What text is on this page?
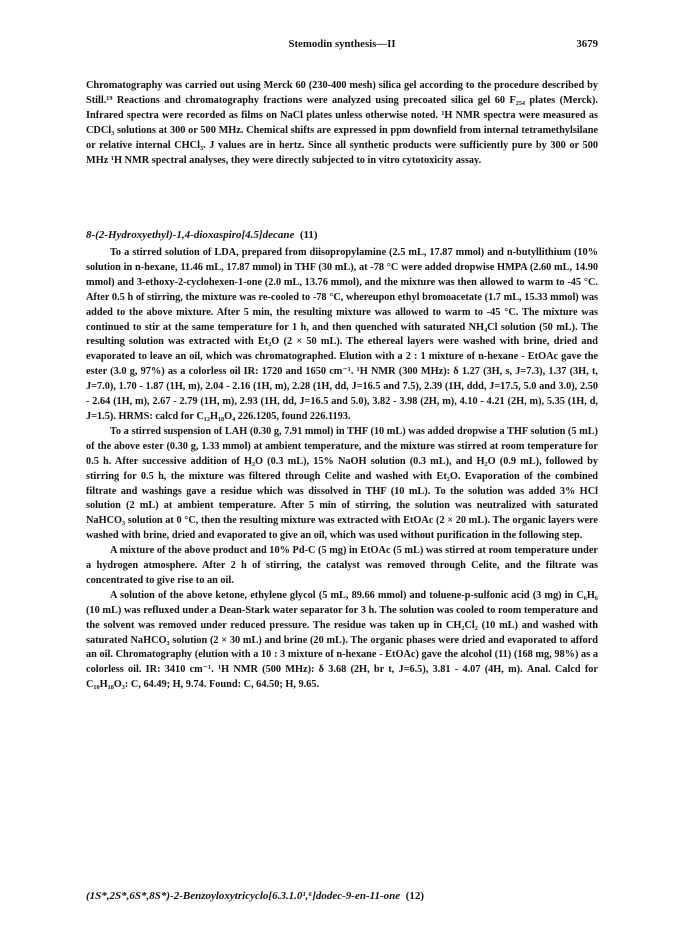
Stemodin synthesis—II	3679

Chromatography was carried out using Merck 60 (230-400 mesh) silica gel according to the procedure described by Still.¹⁹ Reactions and chromatography fractions were analyzed using precoated silica gel 60 F₂₅₄ plates (Merck). Infrared spectra were recorded as films on NaCl plates unless otherwise noted. ¹H NMR spectra were measured as CDCl₃ solutions at 300 or 500 MHz. Chemical shifts are expressed in ppm downfield from internal tetramethylsilane or relative internal CHCl₃. J values are in hertz. Since all synthetic products were sufficiently pure by 300 or 500 MHz ¹H NMR spectral analyses, they were directly subjected to in vitro cytotoxicity assay.

8-(2-Hydroxyethyl)-1,4-dioxaspiro[4.5]decane (11)

To a stirred solution of LDA, prepared from diisopropylamine (2.5 mL, 17.87 mmol) and n-butyllithium (10% solution in n-hexane, 11.46 mL, 17.87 mmol) in THF (30 mL), at -78 °C were added dropwise HMPA (2.60 mL, 14.90 mmol) and 3-ethoxy-2-cyclohexen-1-one (2.0 mL, 13.76 mmol), and the mixture was then allowed to warm to -45 °C. After 0.5 h of stirring, the mixture was re-cooled to -78 °C, whereupon ethyl bromoacetate (1.7 mL, 15.33 mmol) was added to the above mixture. After 5 min, the resulting mixture was allowed to warm to -45 °C. The mixture was continued to stir at the same temperature for 1 h, and then quenched with saturated NH₄Cl solution (50 mL). The resulting solution was extracted with Et₂O (2 × 50 mL). The ethereal layers were washed with brine, dried and evaporated to leave an oil, which was chromatographed. Elution with a 2 : 1 mixture of n-hexane - EtOAc gave the ester (3.0 g, 97%) as a colorless oil IR: 1720 and 1650 cm⁻¹. ¹H NMR (300 MHz): δ 1.27 (3H, s, J=7.3), 1.37 (3H, t, J=7.0), 1.70 - 1.87 (1H, m), 2.04 - 2.16 (1H, m), 2.28 (1H, dd, J=16.5 and 7.5), 2.39 (1H, ddd, J=17.5, 5.0 and 3.0), 2.50 - 2.64 (1H, m), 2.67 - 2.79 (1H, m), 2.93 (1H, dd, J=16.5 and 5.0), 3.82 - 3.98 (2H, m), 4.10 - 4.21 (2H, m), 5.35 (1H, d, J=1.5). HRMS: calcd for C₁₂H₁₈O₄ 226.1205, found 226.1193.

To a stirred suspension of LAH (0.30 g, 7.91 mmol) in THF (10 mL) was added dropwise a THF solution (5 mL) of the above ester (0.30 g, 1.33 mmol) at ambient temperature, and the mixture was stirred at room temperature for 0.5 h. After successive addition of H₂O (0.3 mL), 15% NaOH solution (0.3 mL), and H₂O (0.9 mL), followed by stirring for 0.5 h, the mixture was filtered through Celite and washed with Et₂O. Evaporation of the combined filtrate and washings gave a residue which was dissolved in THF (10 mL). To the solution was added 3% HCl solution (2 mL) at ambient temperature. After 5 min of stirring, the solution was neutralized with saturated NaHCO₃ solution at 0 °C, then the resulting mixture was extracted with EtOAc (2 × 20 mL). The organic layers were washed with brine, dried and evaporated to give an oil, which was used without purification in the following step.

A mixture of the above product and 10% Pd-C (5 mg) in EtOAc (5 mL) was stirred at room temperature under a hydrogen atmosphere. After 2 h of stirring, the catalyst was removed through Celite, and the filtrate was concentrated to give rise to an oil.

A solution of the above ketone, ethylene glycol (5 mL, 89.66 mmol) and toluene-p-sulfonic acid (3 mg) in C₆H₆ (10 mL) was refluxed under a Dean-Stark water separator for 3 h. The solution was cooled to room temperature and the solvent was removed under reduced pressure. The residue was taken up in CH₂Cl₂ (10 mL) and washed with saturated NaHCO₃ solution (2 × 30 mL) and brine (20 mL). The organic phases were dried and evaporated to afford an oil. Chromatography (elution with a 10 : 3 mixture of n-hexane - EtOAc) gave the alcohol (11) (168 mg, 98%) as a colorless oil. IR: 3410 cm⁻¹. ¹H NMR (500 MHz): δ 3.68 (2H, br t, J=6.5), 3.81 - 4.07 (4H, m). Anal. Calcd for C₁₀H₁₈O₃: C, 64.49; H, 9.74. Found: C, 64.50; H, 9.65.

(1S*,2S*,6S*,8S*)-2-Benzoyloxytricyclo[6.3.1.0¹,⁶]dodec-9-en-11-one (12)
